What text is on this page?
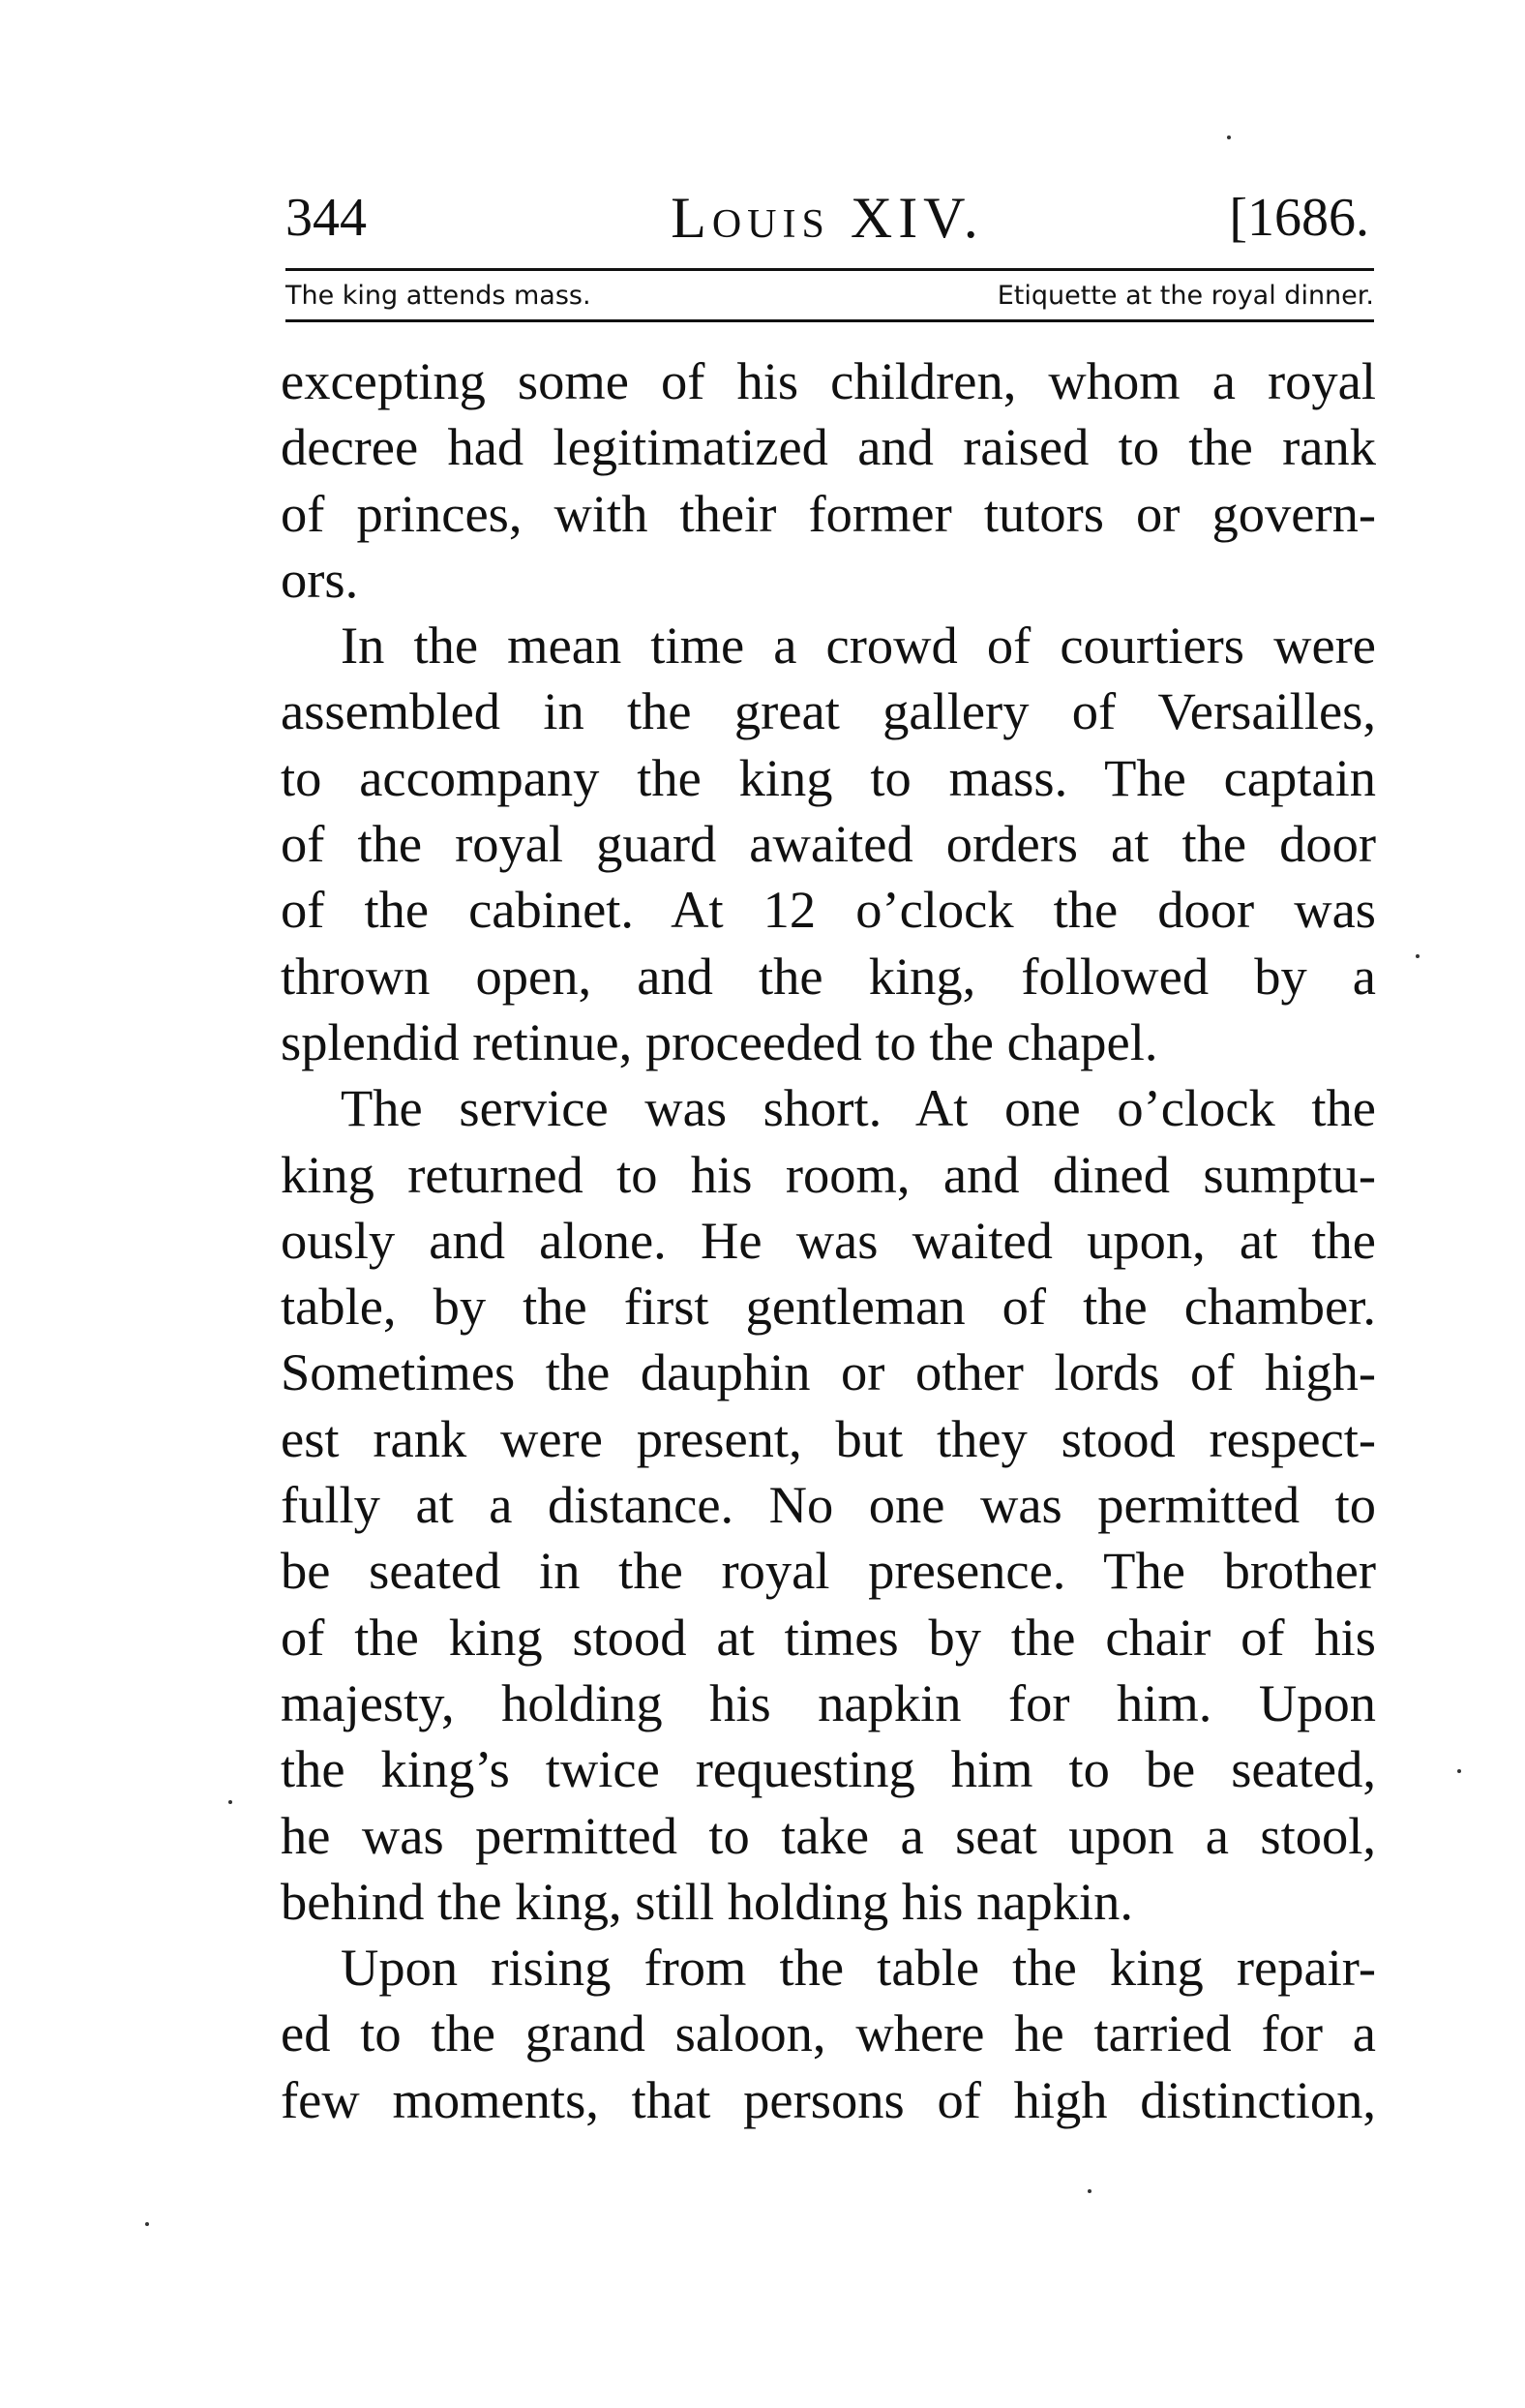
344	Louis XIV.	[1686.
The king attends mass.	Etiquette at the royal dinner.
excepting some of his children, whom a royal
decree had legitimatized and raised to the rank
of princes, with their former tutors or govern-
ors.
In the mean time a crowd of courtiers were
assembled in the great gallery of Versailles,
to accompany the king to mass. The captain
of the royal guard awaited orders at the door
of the cabinet. At 12 o’clock the door was
thrown open, and the king, followed by a
splendid retinue, proceeded to the chapel.
The service was short. At one o’clock the
king returned to his room, and dined sumptu-
ously and alone. He was waited upon, at the
table, by the first gentleman of the chamber.
Sometimes the dauphin or other lords of high-
est rank were present, but they stood respect-
fully at a distance. No one was permitted to
be seated in the royal presence. The brother
of the king stood at times by the chair of his
majesty, holding his napkin for him. Upon
the king’s twice requesting him to be seated,
he was permitted to take a seat upon a stool,
behind the king, still holding his napkin.
Upon rising from the table the king repair-
ed to the grand saloon, where he tarried for a
few moments, that persons of high distinction,
